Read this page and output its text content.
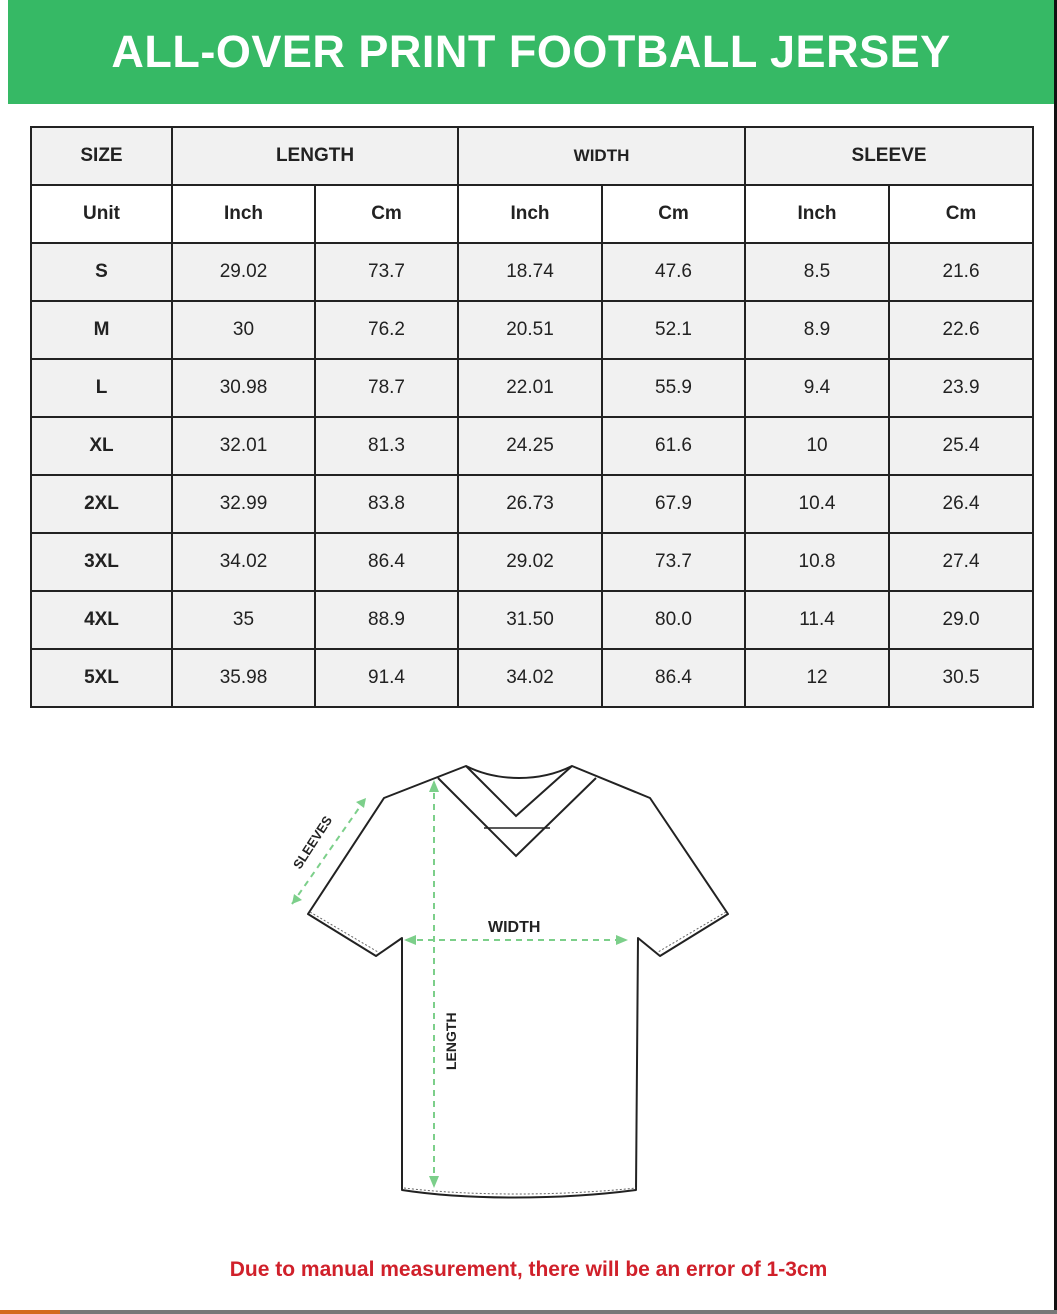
ALL-OVER PRINT FOOTBALL JERSEY
SIZE	LENGTH		WIDTH		SLEEVE	
Unit	Inch	Cm	Inch	Cm	Inch	Cm
S	29.02	73.7	18.74	47.6	8.5	21.6
M	30	76.2	20.51	52.1	8.9	22.6
L	30.98	78.7	22.01	55.9	9.4	23.9
XL	32.01	81.3	24.25	61.6	10	25.4
2XL	32.99	83.8	26.73	67.9	10.4	26.4
3XL	34.02	86.4	29.02	73.7	10.8	27.4
4XL	35	88.9	31.50	80.0	11.4	29.0
5XL	35.98	91.4	34.02	86.4	12	30.5
SLEEVES
LENGTH
WIDTH
Due to manual measurement, there will be an error of 1-3cm
